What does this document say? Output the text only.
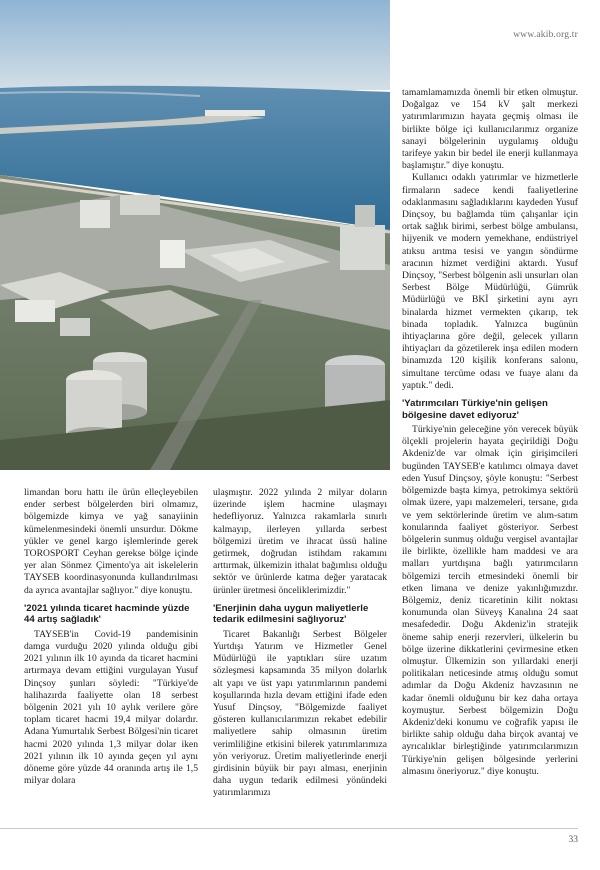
www.akib.org.tr

limandan boru hattı ile ürün elleçleyebilen ender serbest bölgelerden biri olmamız, bölgemizde kimya ve yağ sanayiinin kümelenmesindeki önemli unsurdur. Dökme yükler ve genel kargo işlemlerinde gerek TOROSPORT Ceyhan gerekse bölge içinde yer alan Sönmez Çimento'ya ait iskelelerin TAYSEB koordinasyonunda kullandırılması da ayrıca avantajlar sağlıyor." diye konuştu.

'2021 yılında ticaret hacminde yüzde 44 artış sağladık'

TAYSEB'in Covid-19 pandemisinin damga vurduğu 2020 yılında olduğu gibi 2021 yılının ilk 10 ayında da ticaret hacmini artırmaya devam ettiğini vurgulayan Yusuf Dinçsoy şunları söyledi: "Türkiye'de halihazırda faaliyette olan 18 serbest bölgenin 2021 yılı 10 aylık verilere göre toplam ticaret hacmi 19,4 milyar dolardır. Adana Yumurtalık Serbest Bölgesi'nin ticaret hacmi 2020 yılında 1,3 milyar dolar iken 2021 yılının ilk 10 ayında geçen yıl aynı döneme göre yüzde 44 oranında artış ile 1,5 milyar dolara

ulaşmıştır. 2022 yılında 2 milyar doların üzerinde işlem hacmine ulaşmayı hedefliyoruz. Yalnızca rakamlarla sınırlı kalmayıp, ilerleyen yıllarda serbest bölgemizi üretim ve ihracat üssü haline getirmek, doğrudan istihdam rakamını arttırmak, ülkemizin ithalat bağımlısı olduğu sektör ve ürünlerde katma değer yaratacak ürünler üretmesi önceliklerimizdir."

'Enerjinin daha uygun maliyetlerle tedarik edilmesini sağlıyoruz'

Ticaret Bakanlığı Serbest Bölgeler Yurtdışı Yatırım ve Hizmetler Genel Müdürlüğü ile yaptıkları süre uzatım sözleşmesi kapsamında 35 milyon dolarlık alt yapı ve üst yapı yatırımlarının pandemi koşullarında hızla devam ettiğini ifade eden Yusuf Dinçsoy, "Bölgemizde faaliyet gösteren kullanıcılarımızın rekabet edebilir maliyetlere sahip olmasının üretim verimliliğine etkisini bilerek yatırımlarımıza yön veriyoruz. Üretim maliyetlerinde enerji girdisinin büyük bir payı alması, enerjinin daha uygun tedarik edilmesi yönündeki yatırımlarımızı

tamamlamamızda önemli bir etken olmuştur. Doğalgaz ve 154 kV şalt merkezi yatırımlarımızın hayata geçmiş olması ile birlikte bölge içi kullanıcılarımız organize sanayi bölgelerinin uygulamış olduğu tarifeye yakın bir bedel ile enerji kullanmaya başlamıştır." diye konuştu.

Kullanıcı odaklı yatırımlar ve hizmetlerle firmaların sadece kendi faaliyetlerine odaklanmasını sağladıklarını kaydeden Yusuf Dinçsoy, bu bağlamda tüm çalışanlar için ortak sağlık birimi, serbest bölge ambulansı, hijyenik ve modern yemekhane, endüstriyel atıksu arıtma tesisi ve yangın söndürme aracının hizmet verdiğini aktardı. Yusuf Dinçsoy, "Serbest bölgenin asli unsurları olan Serbest Bölge Müdürlüğü, Gümrük Müdürlüğü ve BKİ şirketini aynı ayrı binalarda hizmet vermekten çıkarıp, tek binada topladık. Yalnızca bugünün ihtiyaçlarına göre değil, gelecek yılların ihtiyaçları da gözetilerek inşa edilen modern binamızda 120 kişilik konferans salonu, simultane tercüme odası ve fuaye alanı da yaptık." dedi.

'Yatırımcıları Türkiye'nin gelişen bölgesine davet ediyoruz'

Türkiye'nin geleceğine yön verecek büyük ölçekli projelerin hayata geçirildiği Doğu Akdeniz'de var olmak için girişimcileri bugünden TAYSEB'e katılımcı olmaya davet eden Yusuf Dinçsoy, şöyle konuştu: "Serbest bölgemizde başta kimya, petrokimya sektörü olmak üzere, yapı malzemeleri, tersane, gıda ve yem sektörlerinde üretim ve alım-satım konularında faaliyet gösteriyor. Serbest bölgelerin sunmuş olduğu vergisel avantajlar ile birlikte, özellikle ham maddesi ve ara malları yurtdışına bağlı yatırımcıların bölgemizi tercih etmesindeki önemli bir etken limana ve denize yakınlığımızdır. Bölgemiz, deniz ticaretinin kilit noktası konumunda olan Süveyş Kanalına 24 saat mesafededir. Doğu Akdeniz'in stratejik öneme sahip enerji rezervleri, ülkelerin bu bölge üzerine dikkatlerini çevirmesine etken olmuştur. Ülkemizin son yıllardaki enerji politikaları neticesinde atmış olduğu somut adımlar da Doğu Akdeniz havzasının ne kadar önemli olduğunu bir kez daha ortaya koymuştur. Serbest bölgemizin Doğu Akdeniz'deki konumu ve coğrafik yapısı ile birlikte sahip olduğu daha birçok avantaj ve ayrıcalıklar birleştiğinde yatırımcılarımızın Türkiye'nin gelişen bölgesinde yerlerini almasını öneriyoruz." diye konuştu.

33
